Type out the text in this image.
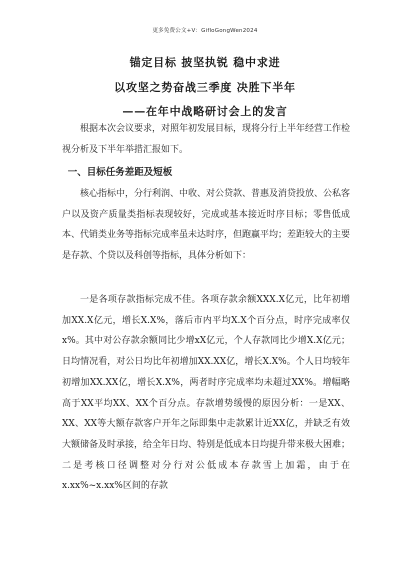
更多免费公文+V：GifloGongWen2024
锚定目标 披坚执锐 稳中求进
以攻坚之势奋战三季度 决胜下半年
——在年中战略研讨会上的发言
根据本次会议要求，对照年初发展目标，现将分行上半年经营工作检视分析及下半年举措汇报如下。
一、目标任务差距及短板
核心指标中，分行利润、中收、对公贷款、普惠及消贷投放、公私客户以及资产质量类指标表现较好，完成或基本接近时序目标；零售低成本、代销类业务等指标完成率虽未达时序，但跑赢平均；差距较大的主要是存款、个贷以及科创等指标，具体分析如下：
一是各项存款指标完成不佳。各项存款余额XXX.X亿元，比年初增加XX.X亿元，增长X.X%，落后市内平均X.X个百分点，时序完成率仅x%。其中对公存款余额同比少增xX亿元，个人存款同比少增X.X亿元；日均情况看，对公日均比年初增加XX.XX亿，增长X.X%。个人日均较年初增加XX.XX亿，增长X.X%，两者时序完成率均未超过XX%。增幅略高于XX平均XX、XX个百分点。存款增势缓慢的原因分析：一是XX、XX、XX等大额存款客户开年之际即集中走款累计近XX亿，并缺乏有效大额储备及时承接，给全年日均、特别是低成本日均提升带来极大困难；二是考核口径调整对分行对公低成本存款雪上加霜，由于在x.xx%~x.xx%区间的存款
